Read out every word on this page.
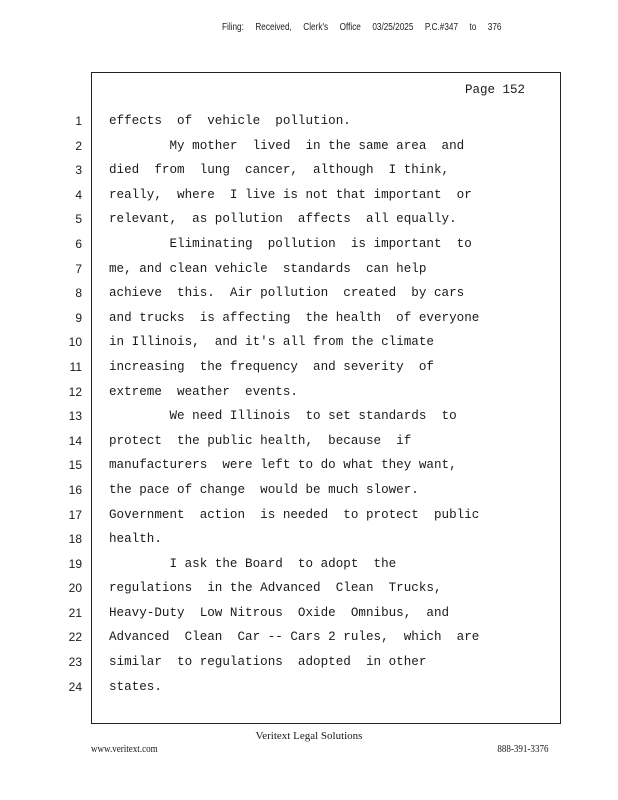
Filing: Received, Clerk's Office 03/25/2025 P.C.#347 to 376
Page 152
1
2
3
4
5
6
7
8
9
10
11
12
13
14
15
16
17
18
19
20
21
22
23
24
effects  of  vehicle  pollution.
My mother  lived  in the same area  and
died  from  lung  cancer,  although  I think,
really,  where  I live is not that important  or
relevant,  as pollution  affects  all equally.
Eliminating  pollution  is important  to
me, and clean vehicle  standards  can help
achieve  this.  Air pollution  created  by cars
and trucks  is affecting  the health  of everyone
in Illinois,  and it's all from the climate
increasing  the frequency  and severity  of
extreme  weather  events.
We need Illinois  to set standards  to
protect  the public health,  because  if
manufacturers  were left to do what they want,
the pace of change  would be much slower.
Government  action  is needed  to protect  public
health.
I ask the Board  to adopt  the
regulations  in the Advanced  Clean  Trucks,
Heavy-Duty  Low Nitrous  Oxide  Omnibus,  and
Advanced  Clean  Car -- Cars 2 rules,  which  are
similar  to regulations  adopted  in other
states.
Veritext Legal Solutions
www.veritext.com	888-391-3376
